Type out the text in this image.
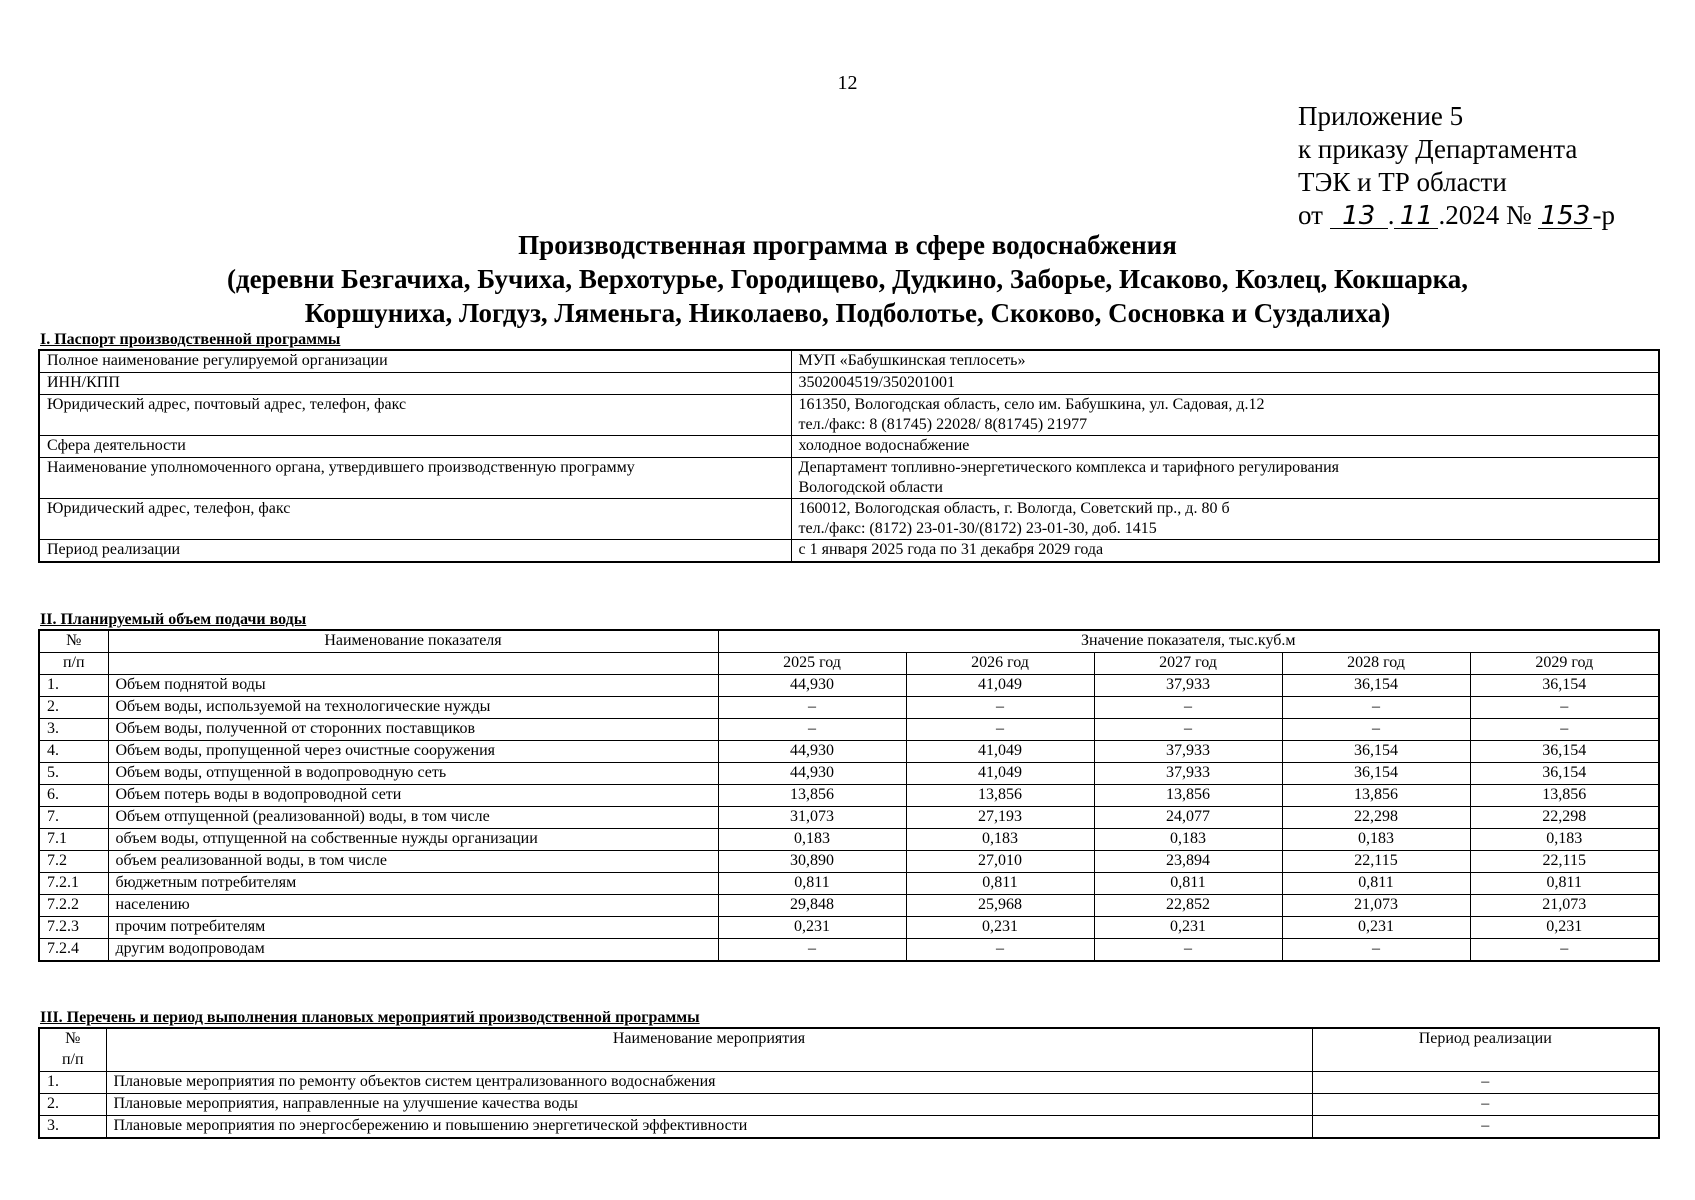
12
Приложение 5
к приказу Департамента
ТЭК и ТР области
от 13 . 11 .2024 № 153-р
Производственная программа в сфере водоснабжения
(деревни Безгачиха, Бучиха, Верхотурье, Городищево, Дудкино, Заборье, Исаково, Козлец, Кокшарка,
Коршуниха, Логдуз, Ляменьга, Николаево, Подболотье, Скоково, Сосновка и Суздалиха)
I. Паспорт производственной программы
Полное наименование регулируемой организации	МУП «Бабушкинская теплосеть»

ИНН/КПП	3502004519/350201001

Юридический адрес, почтовый адрес, телефон, факс	161350, Вологодская область, село им. Бабушкина, ул. Садовая, д.12
тел./факс: 8 (81745) 22028/ 8(81745) 21977

Сфера деятельности	холодное водоснабжение

Наименование уполномоченного органа, утвердившего производственную программу	Департамент топливно-энергетического комплекса и тарифного регулирования
Вологодской области

Юридический адрес, телефон, факс	160012, Вологодская область, г. Вологда, Советский пр., д. 80 б
тел./факс: (8172) 23-01-30/(8172) 23-01-30, доб. 1415

Период реализации	с 1 января 2025 года по 31 декабря 2029 года
II. Планируемый объем подачи воды
№	Наименование показателя	Значение показателя, тыс.куб.м				
п/п		2025 год	2026 год	2027 год	2028 год	2029 год
1.	Объем поднятой воды	44,930	41,049	37,933	36,154	36,154
2.	Объем воды, используемой на технологические нужды	–	–	–	–	–
3.	Объем воды, полученной от сторонних поставщиков	–	–	–	–	–
4.	Объем воды, пропущенной через очистные сооружения	44,930	41,049	37,933	36,154	36,154
5.	Объем воды, отпущенной в водопроводную сеть	44,930	41,049	37,933	36,154	36,154
6.	Объем потерь воды в водопроводной сети	13,856	13,856	13,856	13,856	13,856
7.	Объем отпущенной (реализованной) воды, в том числе	31,073	27,193	24,077	22,298	22,298
7.1	объем воды, отпущенной на собственные нужды организации	0,183	0,183	0,183	0,183	0,183
7.2	объем реализованной воды, в том числе	30,890	27,010	23,894	22,115	22,115
7.2.1	бюджетным потребителям	0,811	0,811	0,811	0,811	0,811
7.2.2	населению	29,848	25,968	22,852	21,073	21,073
7.2.3	прочим потребителям	0,231	0,231	0,231	0,231	0,231
7.2.4	другим водопроводам	–	–	–	–	–
III. Перечень и период выполнения плановых мероприятий производственной программы
№	Наименование мероприятия	Период реализации
п/п		
1.	Плановые мероприятия по ремонту объектов систем централизованного водоснабжения	–
2.	Плановые мероприятия, направленные на улучшение качества воды	–
3.	Плановые мероприятия по энергосбережению и повышению энергетической эффективности	–
